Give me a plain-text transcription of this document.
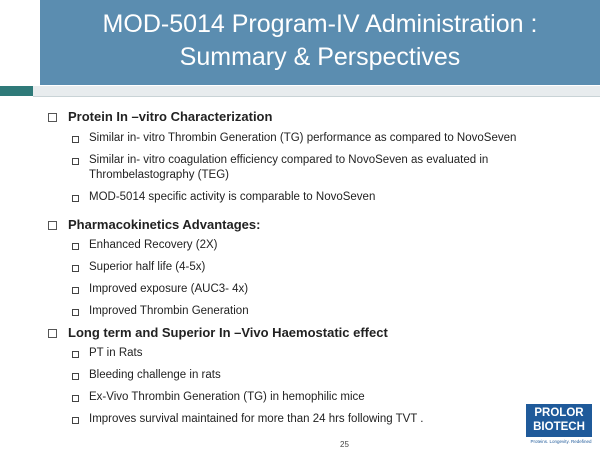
MOD-5014 Program-IV Administration :
Summary & Perspectives
Protein In –vitro Characterization
Similar in- vitro Thrombin Generation (TG) performance as compared to NovoSeven
Similar in- vitro coagulation efficiency compared to NovoSeven as evaluated in Thrombelastography (TEG)
MOD-5014 specific activity is comparable to NovoSeven
Pharmacokinetics Advantages:
Enhanced Recovery (2X)
Superior half life (4-5x)
Improved exposure (AUC3- 4x)
Improved Thrombin Generation
Long term and Superior In –Vivo Haemostatic effect
PT in Rats
Bleeding challenge in rats
Ex-Vivo Thrombin Generation (TG) in hemophilic mice
Improves survival maintained for more than 24 hrs following TVT .
25
PROLOR
BIOTECH
Proteins. Longevity. Redefined
